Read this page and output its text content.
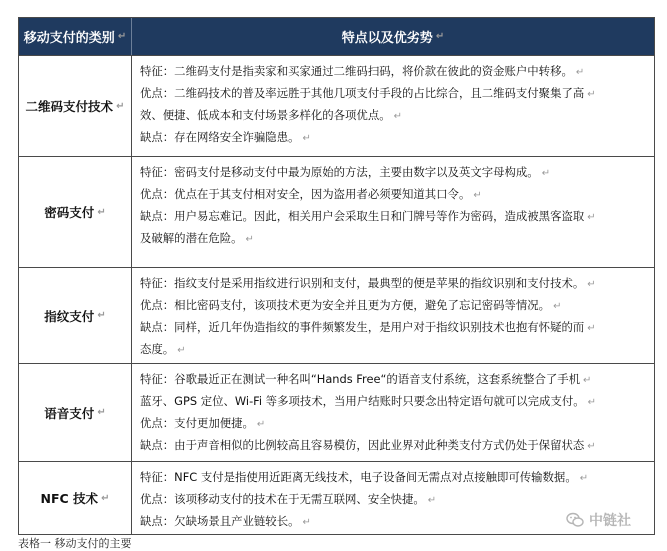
移动支付的类别 ↵	特点以及优劣势 ↵
二维码支付技术 ↵
特征：二维码支付是指卖家和买家通过二维码扫码，将价款在彼此的资金账户中转移。 ↵
优点：二维码技术的普及率远胜于其他几项支付手段的占比综合，且二维码支付聚集了高 ↵
效、便捷、低成本和支付场景多样化的各项优点。 ↵
缺点：存在网络安全诈骗隐患。 ↵
密码支付 ↵
特征：密码支付是移动支付中最为原始的方法，主要由数字以及英文字母构成。 ↵
优点：优点在于其支付相对安全，因为盗用者必须要知道其口令。 ↵
缺点：用户易忘难记。因此，相关用户会采取生日和门牌号等作为密码，造成被黑客盗取 ↵
及破解的潜在危险。 ↵
指纹支付 ↵
特征：指纹支付是采用指纹进行识别和支付，最典型的便是苹果的指纹识别和支付技术。 ↵
优点：相比密码支付，该项技术更为安全并且更为方便，避免了忘记密码等情况。 ↵
缺点：同样，近几年伪造指纹的事件频繁发生，是用户对于指纹识别技术也抱有怀疑的而 ↵
态度。 ↵
语音支付 ↵
特征：谷歌最近正在测试一种名叫“Hands Free“的语音支付系统，这套系统整合了手机 ↵
蓝牙、GPS 定位、Wi-Fi 等多项技术，当用户结账时只要念出特定语句就可以完成支付。 ↵
优点：支付更加便捷。 ↵
缺点：由于声音相似的比例较高且容易模仿，因此业界对此种类支付方式仍处于保留状态 ↵
NFC 技术 ↵
特征：NFC 支付是指使用近距离无线技术，电子设备间无需点对点接触即可传输数据。 ↵
优点：该项移动支付的技术在于无需互联网、安全快捷。 ↵
缺点：欠缺场景且产业链较长。 ↵	中链社
表格一 移动支付的主要
